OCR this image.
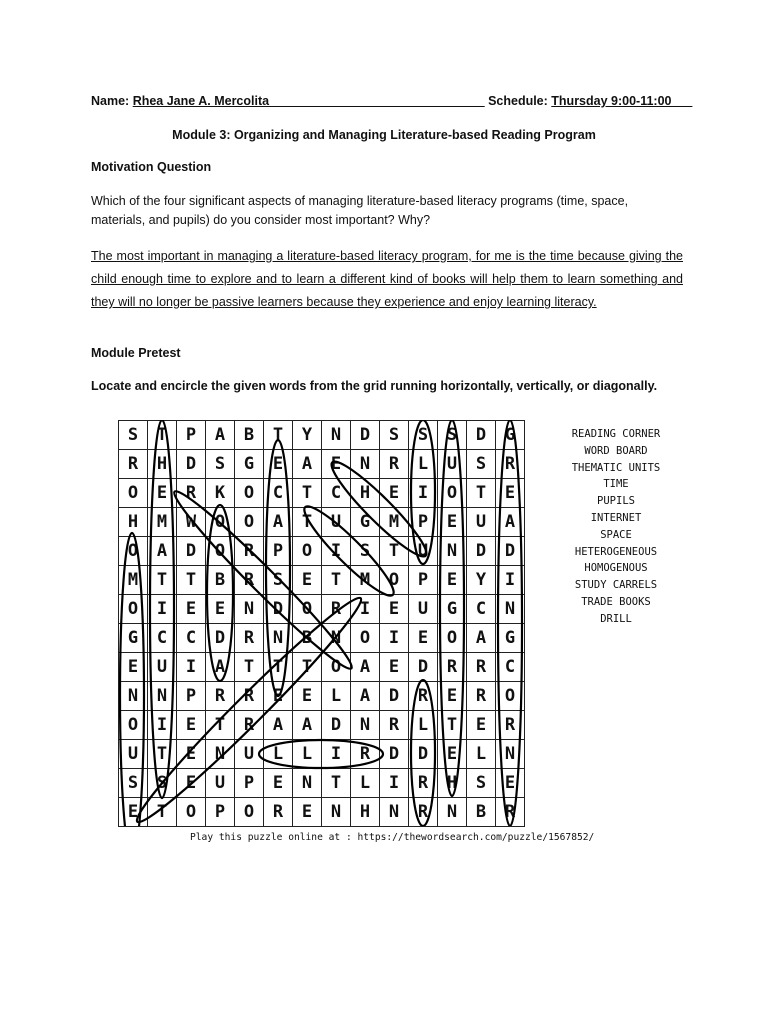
Name: Rhea Jane A. Mercolita_______________________________ Schedule: Thursday 9:00-11:00___
Module 3: Organizing and Managing Literature-based Reading Program
Motivation Question
Which of the four significant aspects of managing literature-based literacy programs (time, space, materials, and pupils) do you consider most important? Why?
The most important in managing a literature-based literacy program, for me is the time because giving the child enough time to explore and to learn a different kind of books will help them to learn something and they will no longer be passive learners because they experience and enjoy learning literacy.
Module Pretest
Locate and encircle the given words from the grid running horizontally, vertically, or diagonally.
S	T	P	A	B	T	Y	N	D	S	S	S	D	G
R	H	D	S	G	E	A	E	N	R	L	U	S	R
O	E	R	K	O	C	T	C	H	E	I	O	T	E
H	M	W	O	O	A	T	U	G	M	P	E	U	A
O	A	D	O	R	P	O	I	S	T	U	N	D	D
M	T	T	B	R	S	E	T	M	O	P	E	Y	I
O	I	E	E	N	D	O	R	I	E	U	G	C	N
G	C	C	D	R	N	B	N	O	I	E	O	A	G
E	U	I	A	T	T	T	O	A	E	D	R	R	C
N	N	P	R	R	E	E	L	A	D	R	E	R	O
O	I	E	T	R	A	A	D	N	R	L	T	E	R
U	T	E	N	U	L	L	I	R	D	D	E	L	N
S	S	E	U	P	E	N	T	L	I	R	H	S	E
E	T	O	P	O	R	E	N	H	N	R	N	B	R
READING CORNER
WORD BOARD
THEMATIC UNITS
TIME
PUPILS
INTERNET
SPACE
HETEROGENEOUS
HOMOGENOUS
STUDY CARRELS
TRADE BOOKS
DRILL
Play this puzzle online at : https://thewordsearch.com/puzzle/1567852/
